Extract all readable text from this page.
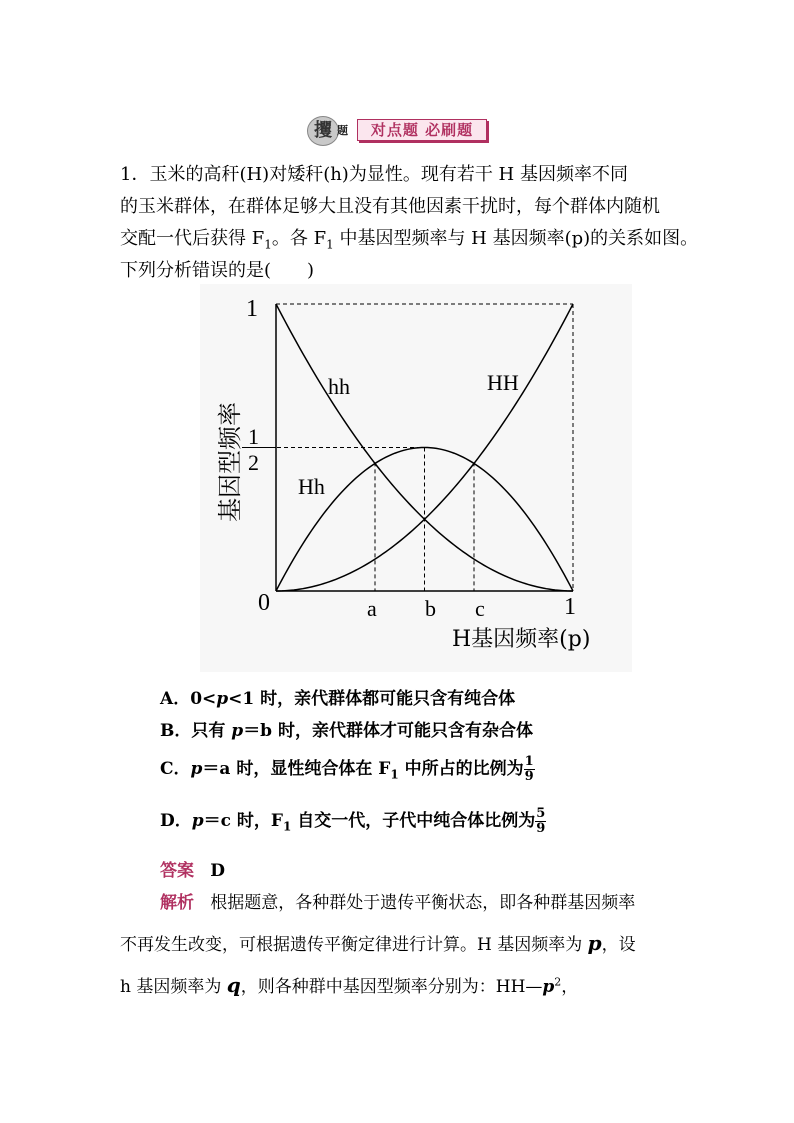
攫 题	对点题 必刷题
1．玉米的高秆(H)对矮秆(h)为显性。现有若干 H 基因频率不同
的玉米群体，在群体足够大且没有其他因素干扰时，每个群体内随机
交配一代后获得 $F_1$。各 $F_1$ 中基因型频率与 H 基因频率(p)的关系如图。
下列分析错误的是(　　)
1
1
2
0	a b c	1
hh	HH
Hh
H基因频率(p)
基因型频率
A．0<p<1 时，亲代群体都可能只含有纯合体
B．只有 p＝b 时，亲代群体才可能只含有杂合体
C．p＝a 时，显性纯合体在 $F_1$ 中所占的比例为 $\frac{1}{9}$
D．p＝c 时，$F_1$ 自交一代，子代中纯合体比例为 $\frac{5}{9}$
答案 D
解析 根据题意，各种群处于遗传平衡状态，即各种群基因频率
不再发生改变，可根据遗传平衡定律进行计算。H 基因频率为 p，设
h 基因频率为 q，则各种群中基因型频率分别为：$HH—p^2$，
